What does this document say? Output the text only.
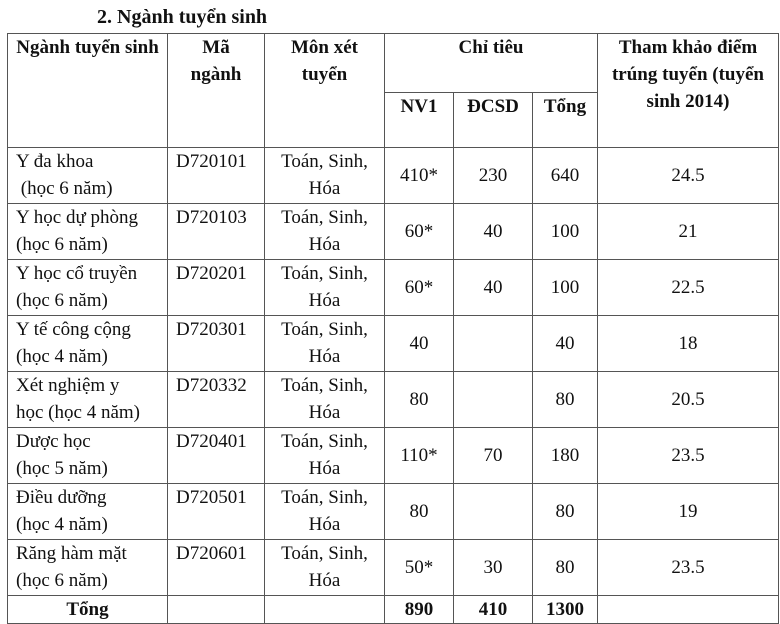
2. Ngành tuyển sinh
Ngành tuyển sinh	Mã ngành	Môn xét tuyển	Chỉ tiêu			Tham khảo điểm trúng tuyển (tuyển sinh 2014)
			NV1	ĐCSD	Tổng	

Y đa khoa
(học 6 năm)	D720101	Toán, Sinh, Hóa	410*	230	640	24.5

Y học dự phòng
(học 6 năm)	D720103	Toán, Sinh, Hóa	60*	40	100	21

Y học cổ truyền
(học 6 năm)	D720201	Toán, Sinh, Hóa	60*	40	100	22.5

Y tế công cộng
(học 4 năm)	D720301	Toán, Sinh, Hóa	40		40	18

Xét nghiệm y
học (học 4 năm)	D720332	Toán, Sinh, Hóa	80		80	20.5

Dược học
(học 5 năm)	D720401	Toán, Sinh, Hóa	110*	70	180	23.5

Điều dưỡng
(học 4 năm)	D720501	Toán, Sinh, Hóa	80		80	19

Răng hàm mặt
(học 6 năm)	D720601	Toán, Sinh, Hóa	50*	30	80	23.5
Tổng			890	410	1300	
